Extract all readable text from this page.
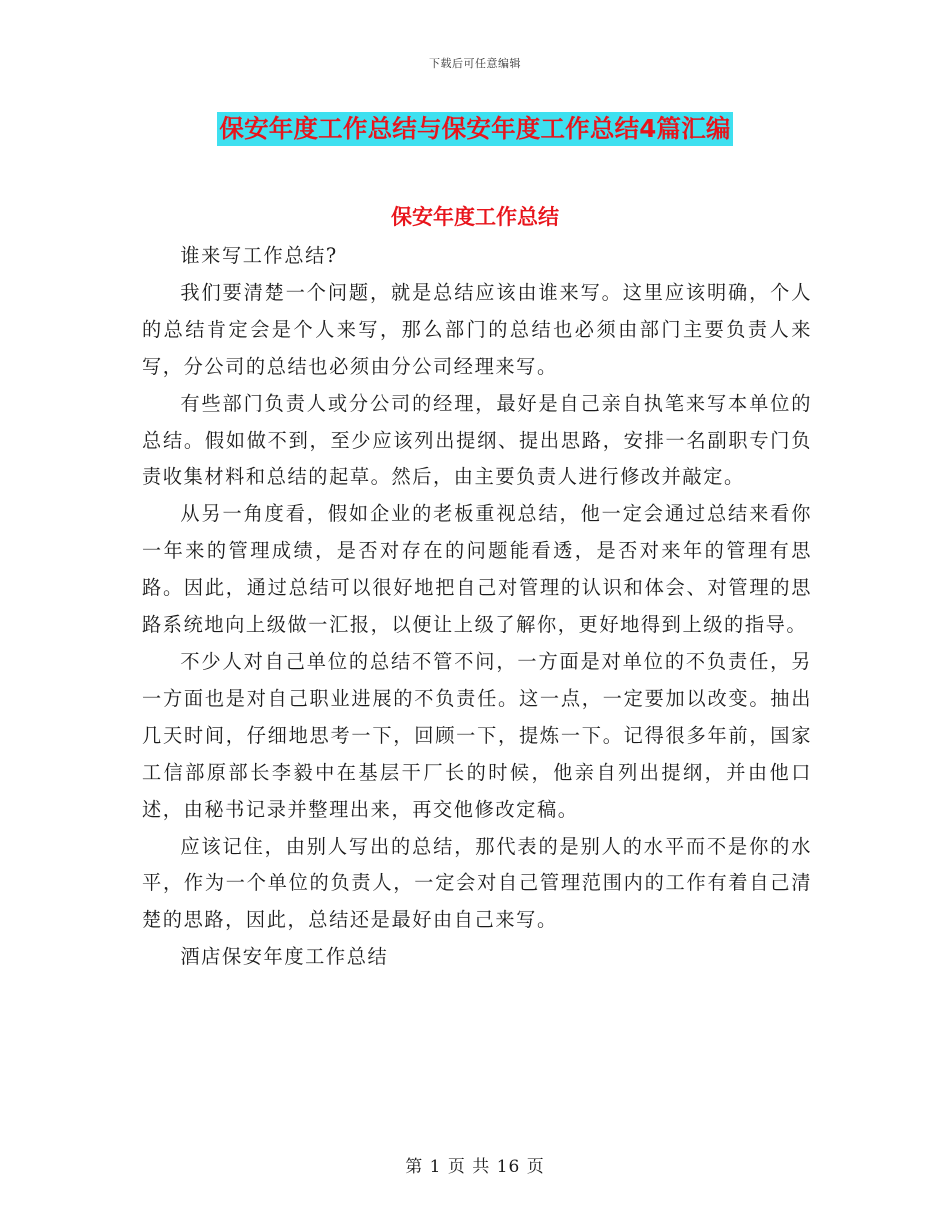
下载后可任意编辑
保安年度工作总结与保安年度工作总结4篇汇编
保安年度工作总结

谁来写工作总结?

我们要清楚一个问题，就是总结应该由谁来写。这里应该明确，个人的总结肯定会是个人来写，那么部门的总结也必须由部门主要负责人来写，分公司的总结也必须由分公司经理来写。

有些部门负责人或分公司的经理，最好是自己亲自执笔来写本单位的总结。假如做不到，至少应该列出提纲、提出思路，安排一名副职专门负责收集材料和总结的起草。然后，由主要负责人进行修改并敲定。

从另一角度看，假如企业的老板重视总结，他一定会通过总结来看你一年来的管理成绩，是否对存在的问题能看透，是否对来年的管理有思路。因此，通过总结可以很好地把自己对管理的认识和体会、对管理的思路系统地向上级做一汇报，以便让上级了解你，更好地得到上级的指导。

不少人对自己单位的总结不管不问，一方面是对单位的不负责任，另一方面也是对自己职业进展的不负责任。这一点，一定要加以改变。抽出几天时间，仔细地思考一下，回顾一下，提炼一下。记得很多年前，国家工信部原部长李毅中在基层干厂长的时候，他亲自列出提纲，并由他口述，由秘书记录并整理出来，再交他修改定稿。

应该记住，由别人写出的总结，那代表的是别人的水平而不是你的水平，作为一个单位的负责人，一定会对自己管理范围内的工作有着自己清楚的思路，因此，总结还是最好由自己来写。

酒店保安年度工作总结

第 1 页 共 16 页
